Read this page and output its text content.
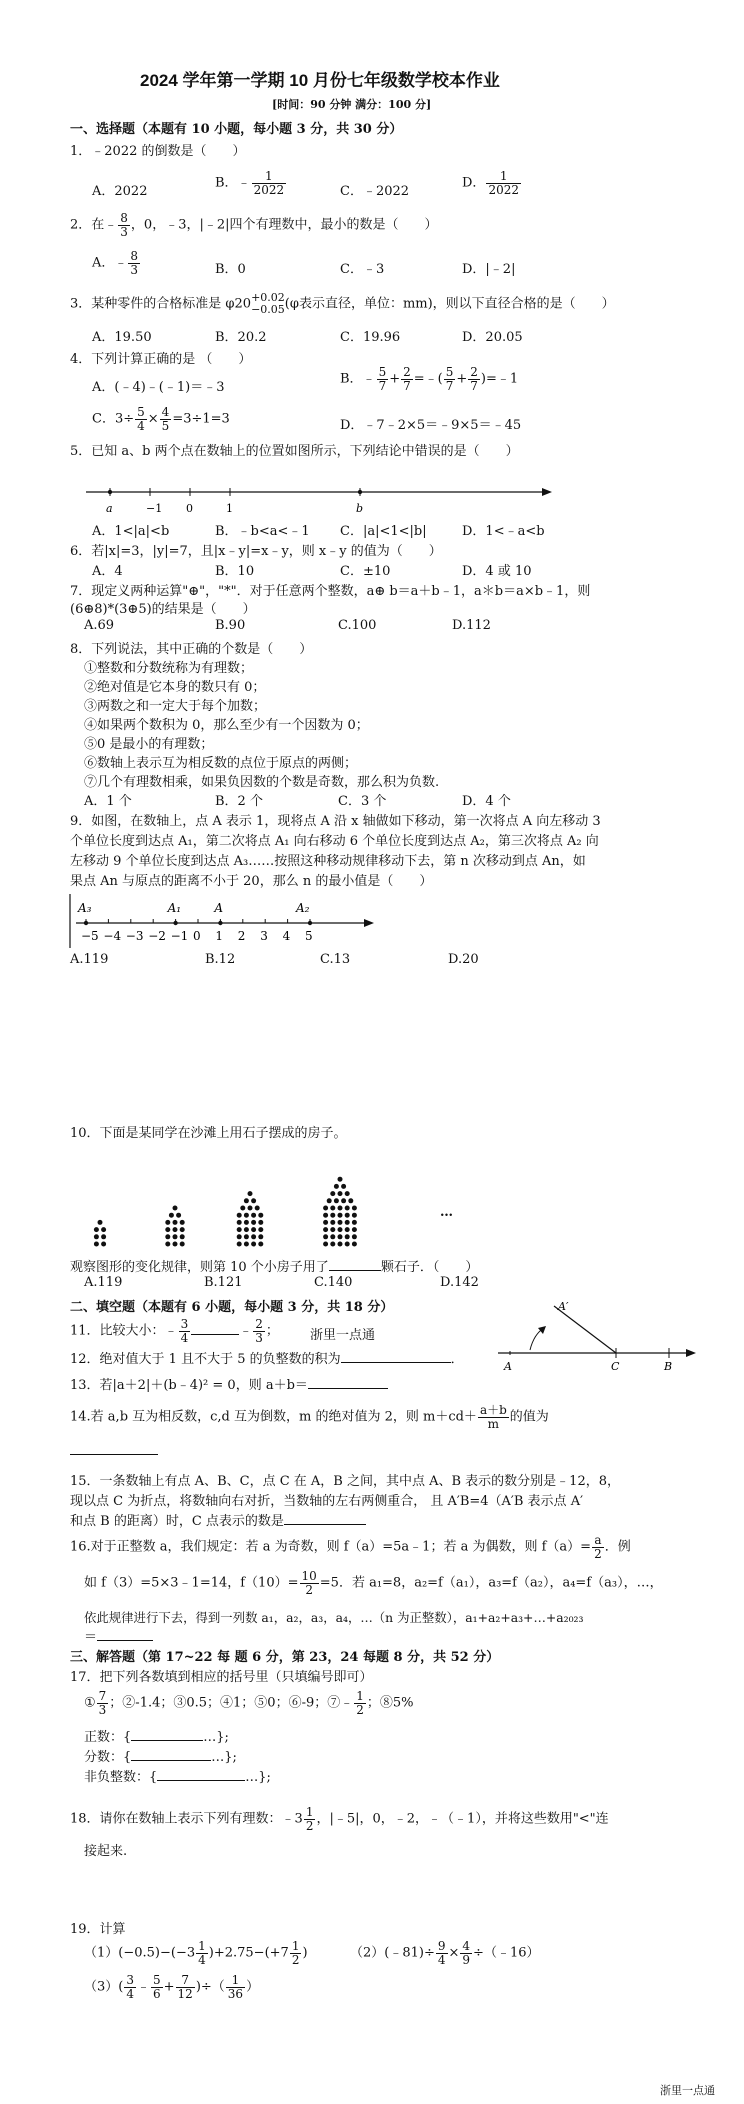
2024 学年第一学期 10 月份七年级数学校本作业
[时间：90 分钟 满分：100 分]
一、选择题（本题有 10 小题，每小题 3 分，共 30 分）
1．﹣2022 的倒数是（　　）
A．2022
B．﹣ $\frac{1}{2022}$	C．﹣2022
D． $\frac{1}{2022}$
2．在﹣ $\frac{8}{3}$ ，0，﹣3，|﹣2|四个有理数中，最小的数是（　　）
A．﹣ $\frac{8}{3}$	B．0	C．﹣3	D．|﹣2|
3．某种零件的合格标准是 φ20 +0.02
−0.05 (φ表示直径，单位：mm)，则以下直径合格的是（　　）
A．19.50	B．20.2	C．19.96	D．20.05
4．下列计算正确的是 （　　）
A．(﹣4)﹣(﹣1)＝﹣3
B．﹣ $\frac{5}{7} + \frac{2}{7}$ =﹣( $\frac{5}{7} + \frac{2}{7}$ )=﹣1
C．$3\div \frac{5}{4} \times \frac{4}{5} =3\div 1=3$	D．﹣7﹣2×5＝﹣9×5＝﹣45
5．已知 a、b 两个点在数轴上的位置如图所示，下列结论中错误的是（　　）
a	−1 0	1	b
A．1<|a|<b	B．﹣b<a<﹣1 C．|a|<1<|b|	D．1<﹣a<b
6．若|x|=3，|y|=7，且|x﹣y|=x﹣y，则 x﹣y 的值为（　　）
A．4	B．10	C．±10	D．4 或 10
7．现定义两种运算"⊕"，"*"．对于任意两个整数，a⊕ b＝a＋b﹣1，a＊b＝a×b﹣1，则
(6⊕8)*(3⊕5)的结果是（　　）
A.69	B.90	C.100	D.112
8．下列说法，其中正确的个数是（　　）
①整数和分数统称为有理数；
②绝对值是它本身的数只有 0；
③两数之和一定大于每个加数；
④如果两个数积为 0，那么至少有一个因数为 0；
⑤0 是最小的有理数；
⑥数轴上表示互为相反数的点位于原点的两侧；
⑦几个有理数相乘，如果负因数的个数是奇数，那么积为负数.
A．1 个	B．2 个	C．3 个	D．4 个
9．如图，在数轴上，点 A 表示 1，现将点 A 沿 x 轴做如下移动，第一次将点 A 向左移动 3
个单位长度到达点 A₁，第二次将点 A₁ 向右移动 6 个单位长度到达点 A₂，第三次将点 A₂ 向
左移动 9 个单位长度到达点 A₃……按照这种移动规律移动下去，第 n 次移动到点 An，如
果点 An 与原点的距离不小于 20，那么 n 的最小值是（　　）
−5 −4 −3 −2 −1 0 1 2 3 4 5
A₃	A₁	A	A₂
A.119	B.12	C.13	D.20
10．下面是某同学在沙滩上用石子摆成的房子。
…
观察图形的变化规律，则第 10 个小房子用了	颗石子．（　　）
A.119	B.121	C.140	D.142
二、填空题（本题有 6 小题，每小题 3 分，共 18 分）
11．比较大小：﹣ $\frac{3}{4}$	﹣ $\frac{2}{3}$ ； 浙里一点通
A′
A	C	B
12．绝对值大于 1 且不大于 5 的负整数的积为	．
13．若|a＋2|＋(b﹣4)² = 0，则 a＋b＝
14.若 a,b 互为相反数，c,d 互为倒数，m 的绝对值为 2，则 $m+cd+ \frac{a+b}{m}$ 的值为
15．一条数轴上有点 A、B、C，点 C 在 A，B 之间，其中点 A、B 表示的数分别是﹣12，8，
现以点 C 为折点，将数轴向右对折，当数轴的左右两侧重合， 且 A′B=4（A′B 表示点 A′
和点 B 的距离）时，C 点表示的数是
16.对于正整数 a，我们规定：若 a 为奇数，则 f（a）=5a﹣1；若 a 为偶数，则 $f(a)= \frac{a}{2}$ ．例
如 f（3）=5×3﹣1=14，$f(10)= \frac{10}{2} =5$．若 a₁=8，a₂=f（a₁），a₃=f（a₂），a₄=f（a₃），…，
依此规律进行下去，得到一列数 a₁，a₂，a₃，a₄，…（n 为正整数），a₁+a₂+a₃+…+a₂₀₂₃
＝
三、解答题（第 17~22 每 题 6 分，第 23，24 每题 8 分，共 52 分）
17．把下列各数填到相应的括号里（只填编号即可）
① $\frac{7}{3}$ ；②-1.4；③0.5；④1；⑤0；⑥-9；⑦﹣ $\frac{1}{2}$ ；⑧5%
正数：{	…};
分数：{	…};
非负整数：{	…};
18．请你在数轴上表示下列有理数：﹣3 $\frac{1}{2}$ ，|﹣5|，0，﹣2，﹣（﹣1），并将这些数用"<"连
接起来.
19．计算
$(1)(-0.5)-(-3 \frac{1}{4} )+2.75-(+7 \frac{1}{2}$ )	（2）(﹣81)÷ $\frac{9}{4} \times \frac{4}{9}$ ÷（﹣16）
$(3)( \frac{3}{4}$ ﹣ $\frac{5}{6} + \frac{7}{12}$ )÷（ $\frac{1}{36}$ ）
浙里一点通
